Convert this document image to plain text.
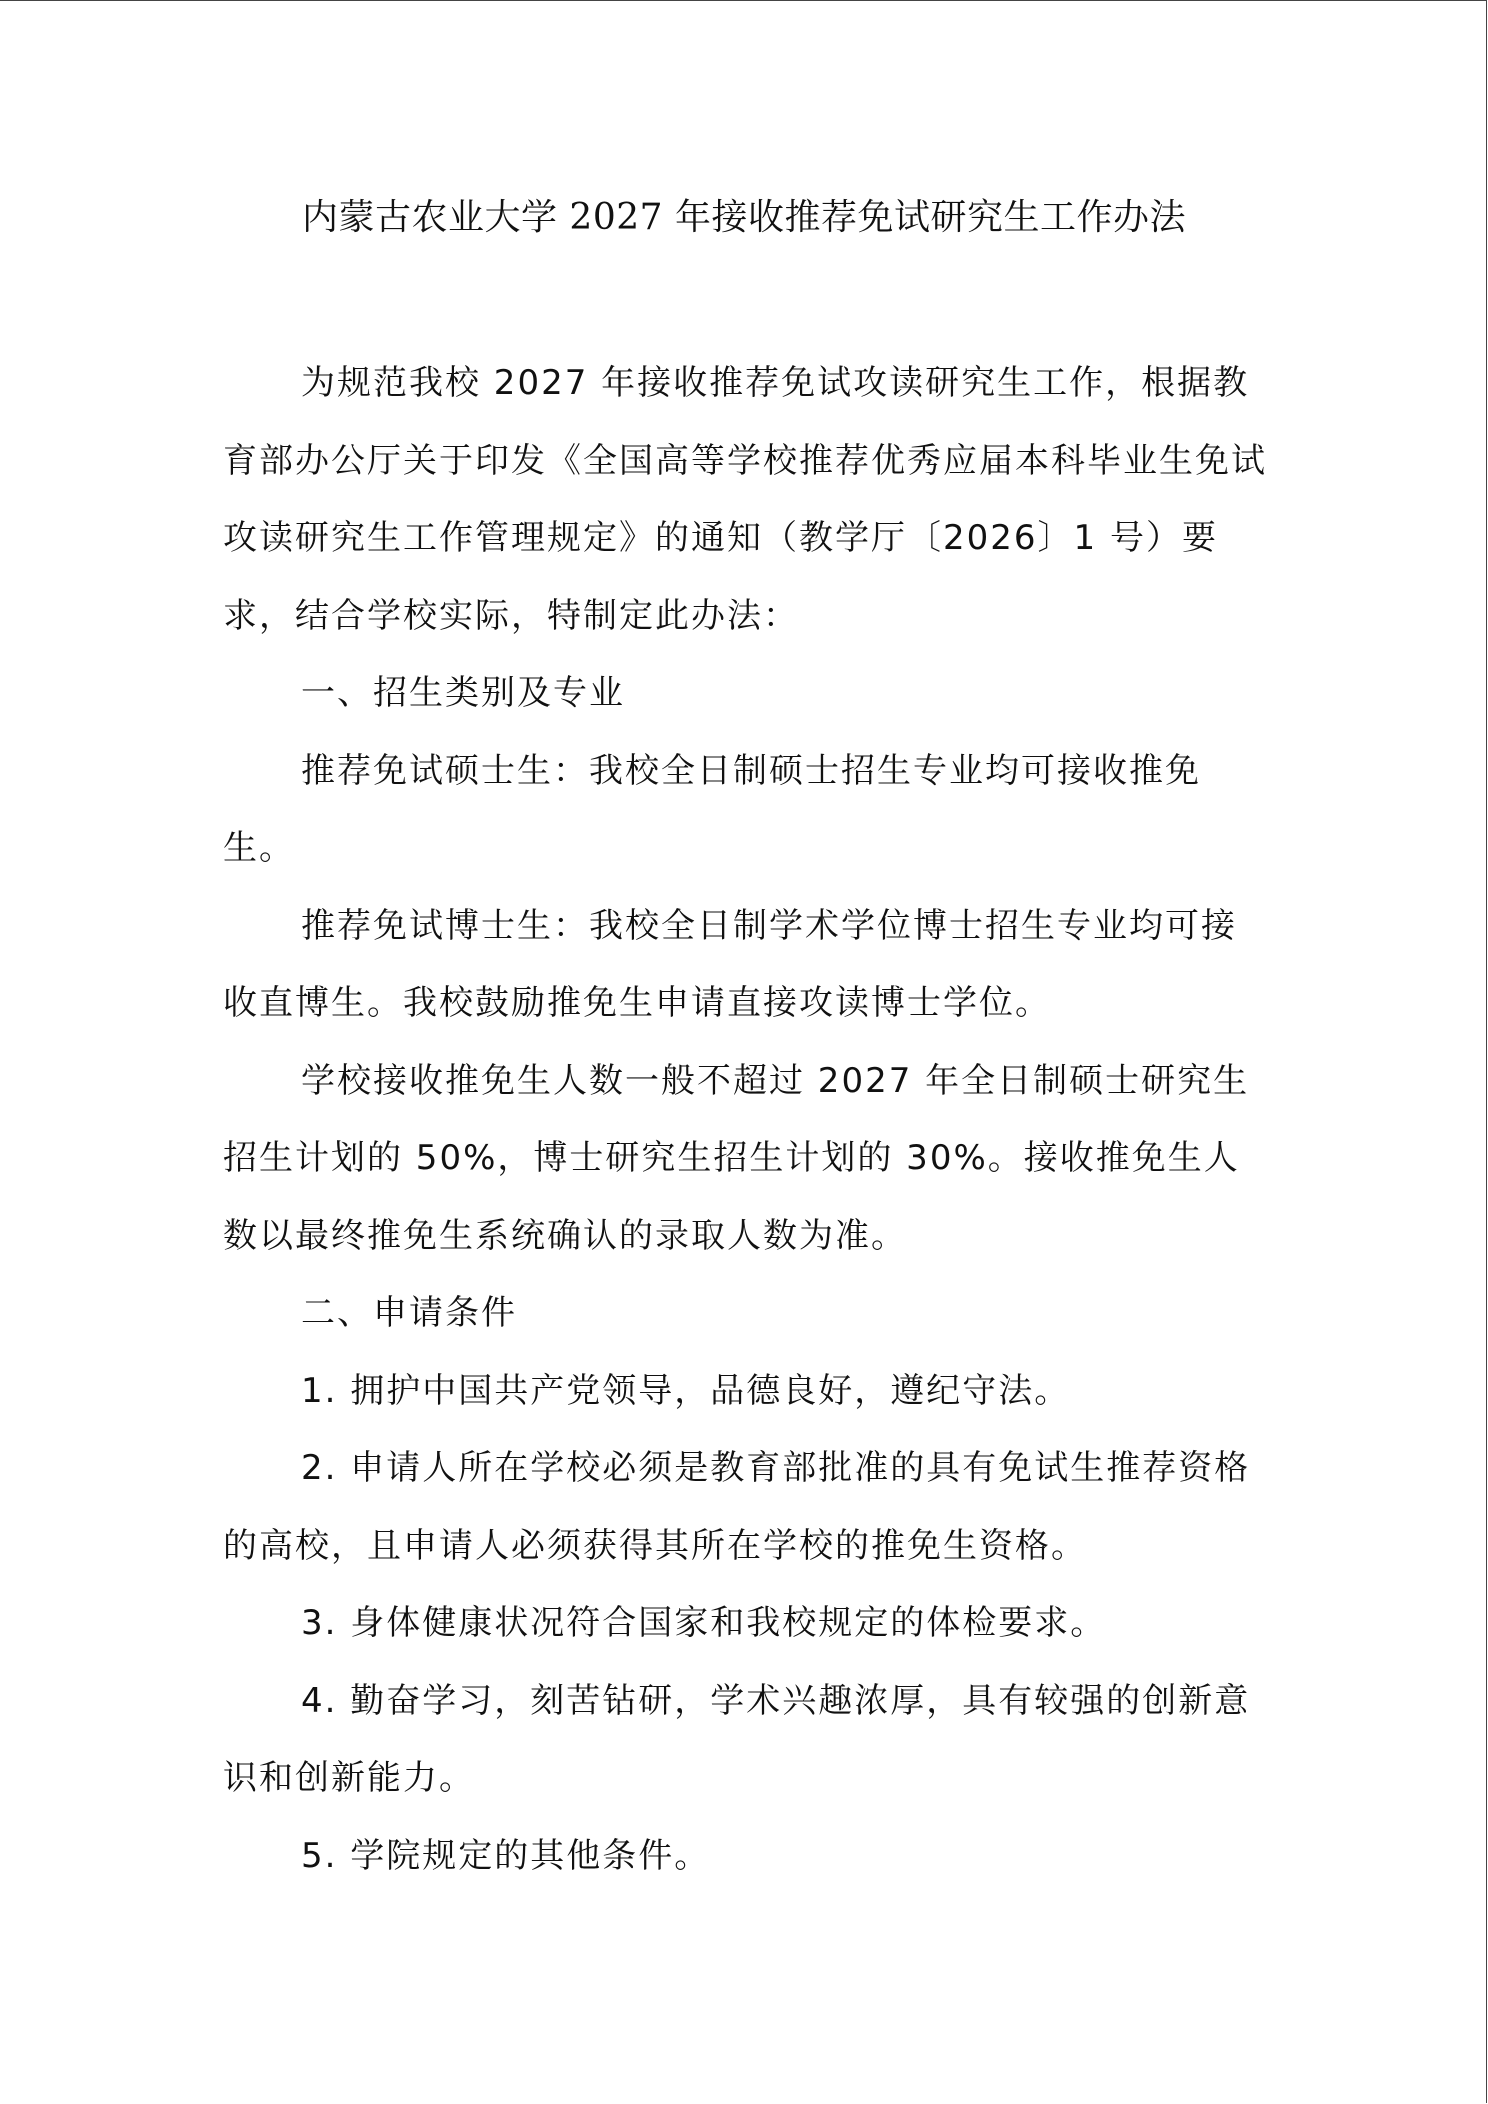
内蒙古农业大学 2027 年接收推荐免试研究生工作办法

为规范我校 2027 年接收推荐免试攻读研究生工作，根据教育部办公厅关于印发《全国高等学校推荐优秀应届本科毕业生免试攻读研究生工作管理规定》的通知（教学厅〔2026〕1 号）要求，结合学校实际，特制定此办法：

一、招生类别及专业

推荐免试硕士生：我校全日制硕士招生专业均可接收推免生。

推荐免试博士生：我校全日制学术学位博士招生专业均可接收直博生。我校鼓励推免生申请直接攻读博士学位。

学校接收推免生人数一般不超过 2027 年全日制硕士研究生招生计划的 50%，博士研究生招生计划的 30%。接收推免生人数以最终推免生系统确认的录取人数为准。

二、申请条件

1. 拥护中国共产党领导，品德良好，遵纪守法。

2. 申请人所在学校必须是教育部批准的具有免试生推荐资格的高校，且申请人必须获得其所在学校的推免生资格。

3. 身体健康状况符合国家和我校规定的体检要求。

4. 勤奋学习，刻苦钻研，学术兴趣浓厚，具有较强的创新意识和创新能力。

5. 学院规定的其他条件。
